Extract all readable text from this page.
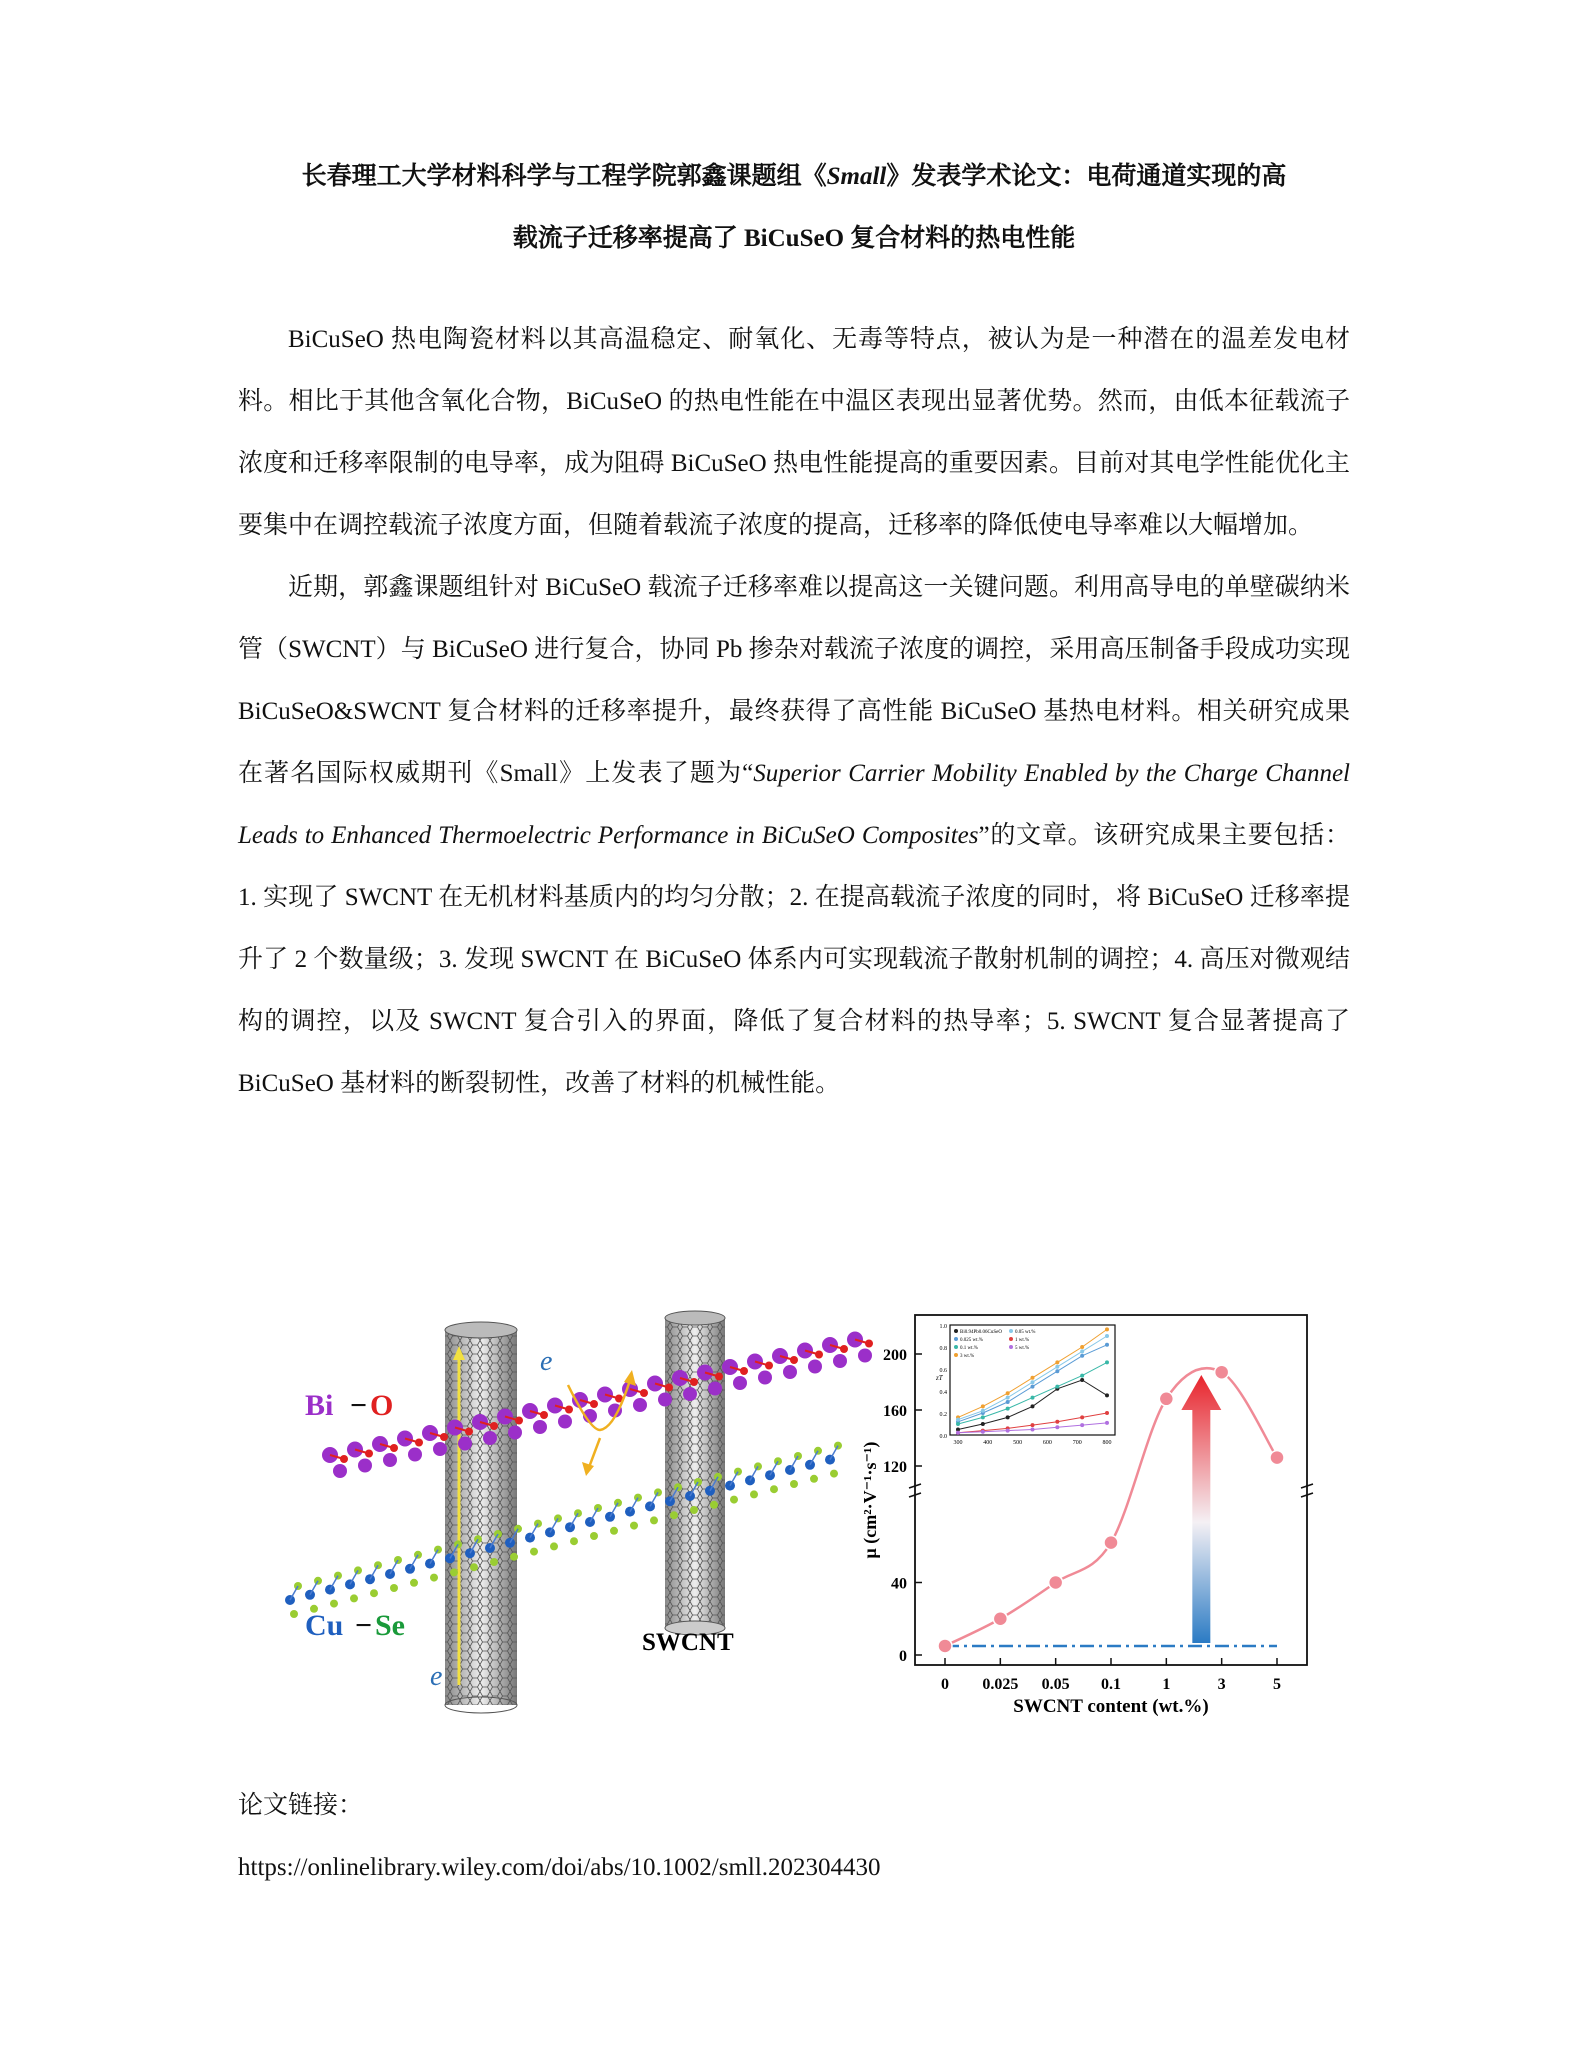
长春理工大学材料科学与工程学院郭鑫课题组《Small》发表学术论文：电荷通道实现的高
载流子迁移率提高了 BiCuSeO 复合材料的热电性能

BiCuSeO 热电陶瓷材料以其高温稳定、耐氧化、无毒等特点，被认为是一种潜在的温差发电材料。相比于其他含氧化合物，BiCuSeO 的热电性能在中温区表现出显著优势。然而，由低本征载流子浓度和迁移率限制的电导率，成为阻碍 BiCuSeO 热电性能提高的重要因素。目前对其电学性能优化主要集中在调控载流子浓度方面，但随着载流子浓度的提高，迁移率的降低使电导率难以大幅增加。

近期，郭鑫课题组针对 BiCuSeO 载流子迁移率难以提高这一关键问题。利用高导电的单壁碳纳米管（SWCNT）与 BiCuSeO 进行复合，协同 Pb 掺杂对载流子浓度的调控，采用高压制备手段成功实现 BiCuSeO&SWCNT 复合材料的迁移率提升，最终获得了高性能 BiCuSeO 基热电材料。相关研究成果在著名国际权威期刊《Small》上发表了题为“Superior Carrier Mobility Enabled by the Charge Channel Leads to Enhanced Thermoelectric Performance in BiCuSeO Composites”的文章。该研究成果主要包括：1. 实现了 SWCNT 在无机材料基质内的均匀分散；2. 在提高载流子浓度的同时，将 BiCuSeO 迁移率提升了 2 个数量级；3. 发现 SWCNT 在 BiCuSeO 体系内可实现载流子散射机制的调控；4. 高压对微观结构的调控，以及 SWCNT 复合引入的界面，降低了复合材料的热导率；5. SWCNT 复合显著提高了 BiCuSeO 基材料的断裂韧性，改善了材料的机械性能。

e
e
Bi − O
Cu − Se
SWCNT
0
40
120
160
200
0 0.025 0.05 0.1	1	3	5
0.0
0.2
0.4
0.6
0.8
1.0
300	400	500	600	700	800
zT
Bi0.94Pb0.06CuSeO
0.025 wt.%
0.1 wt.%
3 wt.%
0.05 wt.%
1 wt.%
5 wt.%
μ (cm²·V⁻¹·s⁻¹)
SWCNT content (wt.%)
论文链接：
https://onlinelibrary.wiley.com/doi/abs/10.1002/smll.202304430
